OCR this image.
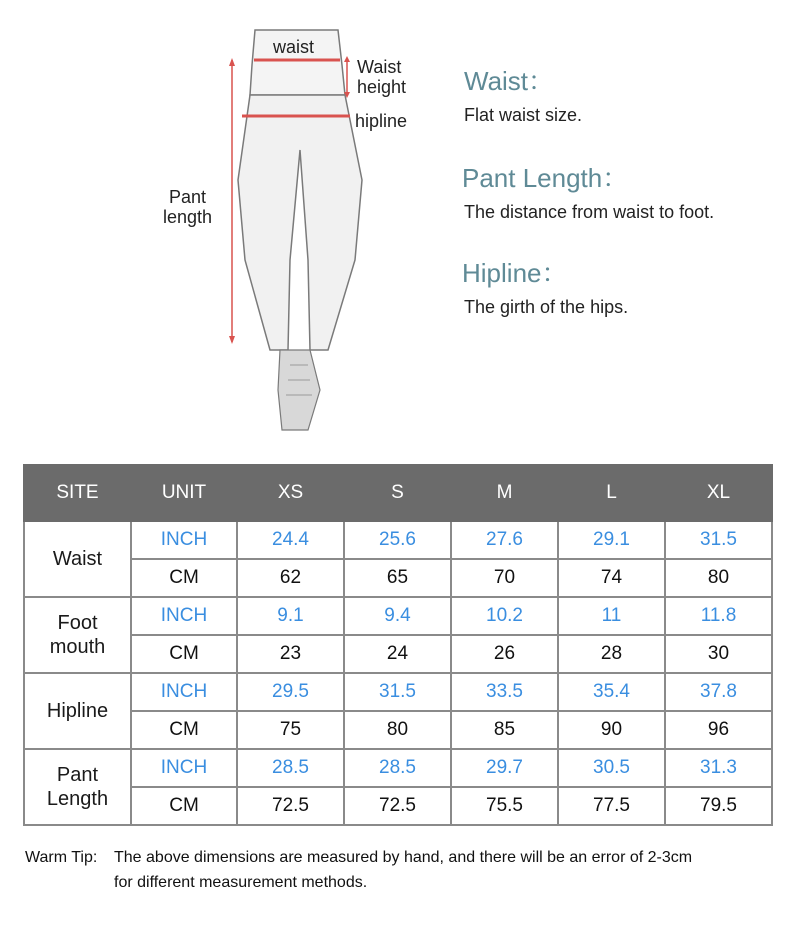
waist
Waist
height
hipline
Pant
length
Waist：
Flat waist size.
Pant Length：
The distance from waist to foot.
Hipline：
The girth of the hips.
SITE	UNIT	XS	S	M	L	XL
Waist	INCH	24.4	25.6	27.6	29.1	31.5
	CM	62	65	70	74	80
Foot
mouth	INCH	9.1	9.4	10.2	11	11.8
	CM	23	24	26	28	30
Hipline	INCH	29.5	31.5	33.5	35.4	37.8
	CM	75	80	85	90	96
Pant
Length	INCH	28.5	28.5	29.7	30.5	31.3
	CM	72.5	72.5	75.5	77.5	79.5
Warm Tip: The above dimensions are measured by hand, and there will be an error of 2-3cm
for different measurement methods.
